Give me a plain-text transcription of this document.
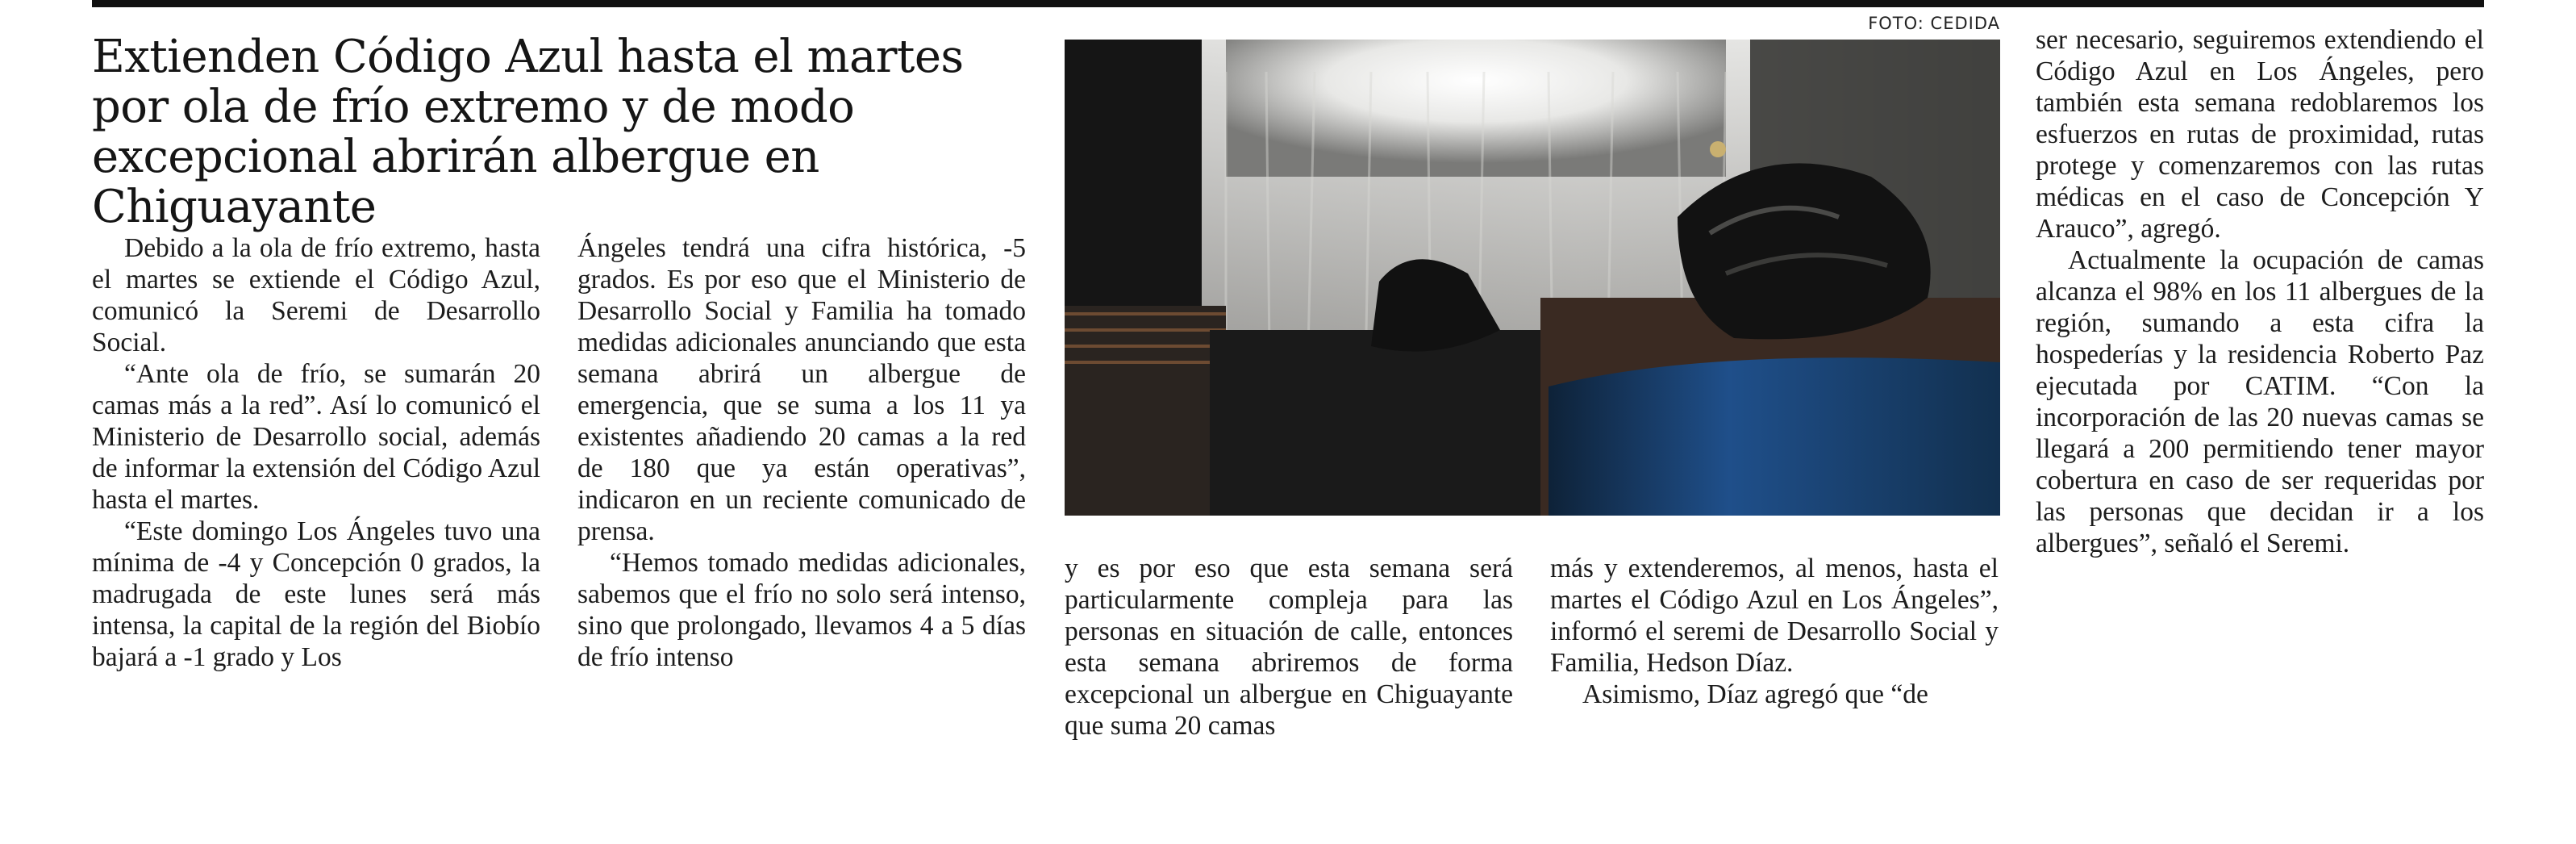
Extienden Código Azul hasta el martes por ola de frío extremo y de modo excepcional abrirán albergue en Chiguayante
FOTO: CEDIDA

Debido a la ola de frío extremo, hasta el martes se extiende el Código Azul, comunicó la Seremi de Desarrollo Social.

“Ante ola de frío, se sumarán 20 camas más a la red”. Así lo comunicó el Ministerio de Desarrollo social, además de informar la extensión del Código Azul hasta el martes.

“Este domingo Los Ángeles tuvo una mínima de -4 y Concepción 0 grados, la madrugada de este lunes será más intensa, la capital de la región del Biobío bajará a -1 grado y Los

Ángeles tendrá una cifra histórica, -5 grados. Es por eso que el Ministerio de Desarrollo Social y Familia ha tomado medidas adicionales anunciando que esta semana abrirá un albergue de emergencia, que se suma a los 11 ya existentes añadiendo 20 camas a la red de 180 que ya están operativas”, indicaron en un reciente comunicado de prensa.

“Hemos tomado medidas adicionales, sabemos que el frío no solo será intenso, sino que prolongado, llevamos 4 a 5 días de frío intenso

y es por eso que esta semana será particularmente compleja para las personas en situación de calle, entonces esta semana abriremos de forma excepcional un albergue en Chiguayante que suma 20 camas

más y extenderemos, al menos, hasta el martes el Código Azul en Los Ángeles”, informó el seremi de Desarrollo Social y Familia, Hedson Díaz.

Asimismo, Díaz agregó que “de

ser necesario, seguiremos extendiendo el Código Azul en Los Ángeles, pero también esta semana redoblaremos los esfuerzos en rutas de proximidad, rutas protege y comenzaremos con las rutas médicas en el caso de Concepción Y Arauco”, agregó.

Actualmente la ocupación de camas alcanza el 98% en los 11 albergues de la región, sumando a esta cifra la hospederías y la residencia Roberto Paz ejecutada por CATIM. “Con la incorporación de las 20 nuevas camas se llegará a 200 permitiendo tener mayor cobertura en caso de ser requeridas por las personas que decidan ir a los albergues”, señaló el Seremi.
